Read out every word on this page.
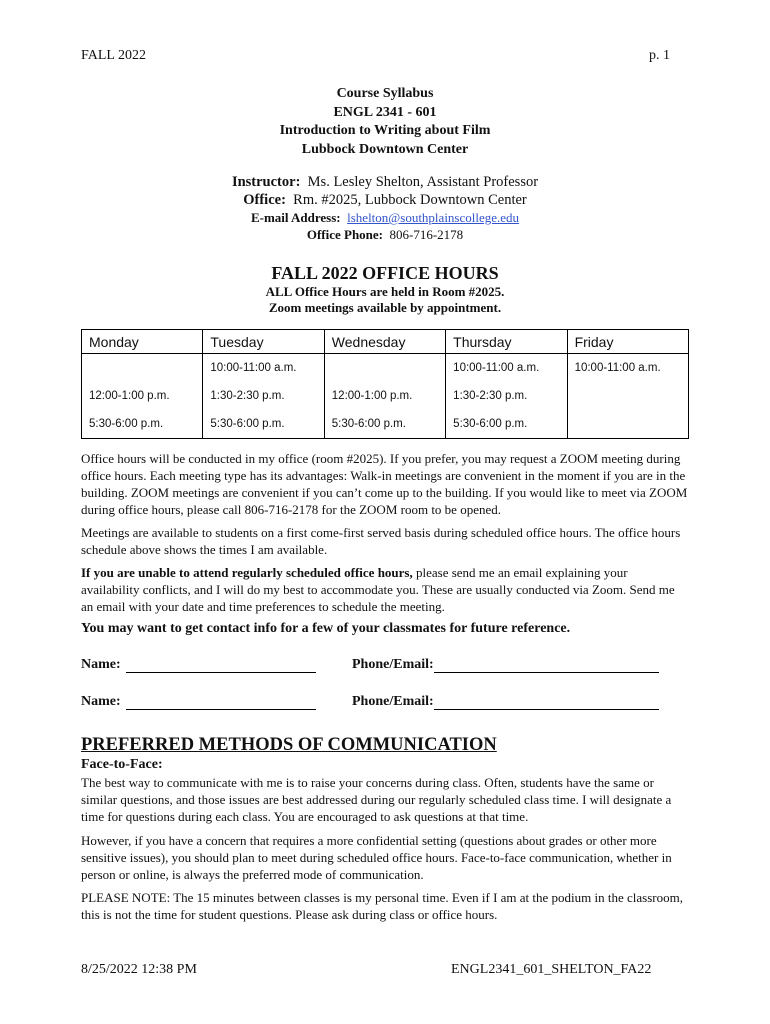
FALL 2022	p. 1
Course Syllabus
ENGL 2341 - 601
Introduction to Writing about Film
Lubbock Downtown Center
Instructor: Ms. Lesley Shelton, Assistant Professor
Office: Rm. #2025, Lubbock Downtown Center
E-mail Address: lshelton@southplainscollege.edu
Office Phone: 806-716-2178
FALL 2022 OFFICE HOURS
ALL Office Hours are held in Room #2025.
Zoom meetings available by appointment.
Monday	Tuesday	Wednesday	Thursday	Friday
	10:00-11:00 a.m.		10:00-11:00 a.m.	10:00-11:00 a.m.
12:00-1:00 p.m.	1:30-2:30 p.m.	12:00-1:00 p.m.	1:30-2:30 p.m.	
5:30-6:00 p.m.	5:30-6:00 p.m.	5:30-6:00 p.m.	5:30-6:00 p.m.	

Office hours will be conducted in my office (room #2025). If you prefer, you may request a ZOOM meeting during office hours. Each meeting type has its advantages: Walk-in meetings are convenient in the moment if you are in the building. ZOOM meetings are convenient if you can’t come up to the building. If you would like to meet via ZOOM during office hours, please call 806-716-2178 for the ZOOM room to be opened.

Meetings are available to students on a first come-first served basis during scheduled office hours. The office hours schedule above shows the times I am available.

If you are unable to attend regularly scheduled office hours, please send me an email explaining your availability conflicts, and I will do my best to accommodate you. These are usually conducted via Zoom. Send me an email with your date and time preferences to schedule the meeting.

You may want to get contact info for a few of your classmates for future reference.
Name:	Phone/Email:
Name:	Phone/Email:
PREFERRED METHODS OF COMMUNICATION
Face-to-Face:

The best way to communicate with me is to raise your concerns during class. Often, students have the same or similar questions, and those issues are best addressed during our regularly scheduled class time. I will designate a time for questions during each class. You are encouraged to ask questions at that time.

However, if you have a concern that requires a more confidential setting (questions about grades or other more sensitive issues), you should plan to meet during scheduled office hours. Face-to-face communication, whether in person or online, is always the preferred mode of communication.

PLEASE NOTE: The 15 minutes between classes is my personal time. Even if I am at the podium in the classroom, this is not the time for student questions. Please ask during class or office hours.

8/25/2022 12:38 PM	ENGL2341_601_SHELTON_FA22
